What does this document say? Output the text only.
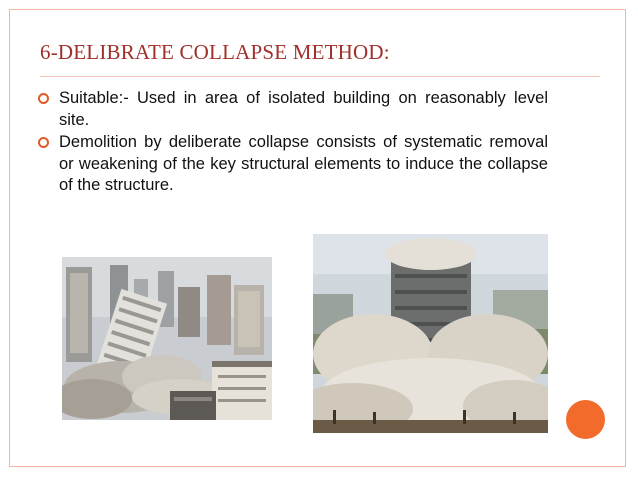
6-DELIBRATE COLLAPSE METHOD:
Suitable:- Used in area of isolated building on reasonably level site.
Demolition by deliberate collapse consists of systematic removal or weakening of the key structural elements to induce the collapse of the structure.
